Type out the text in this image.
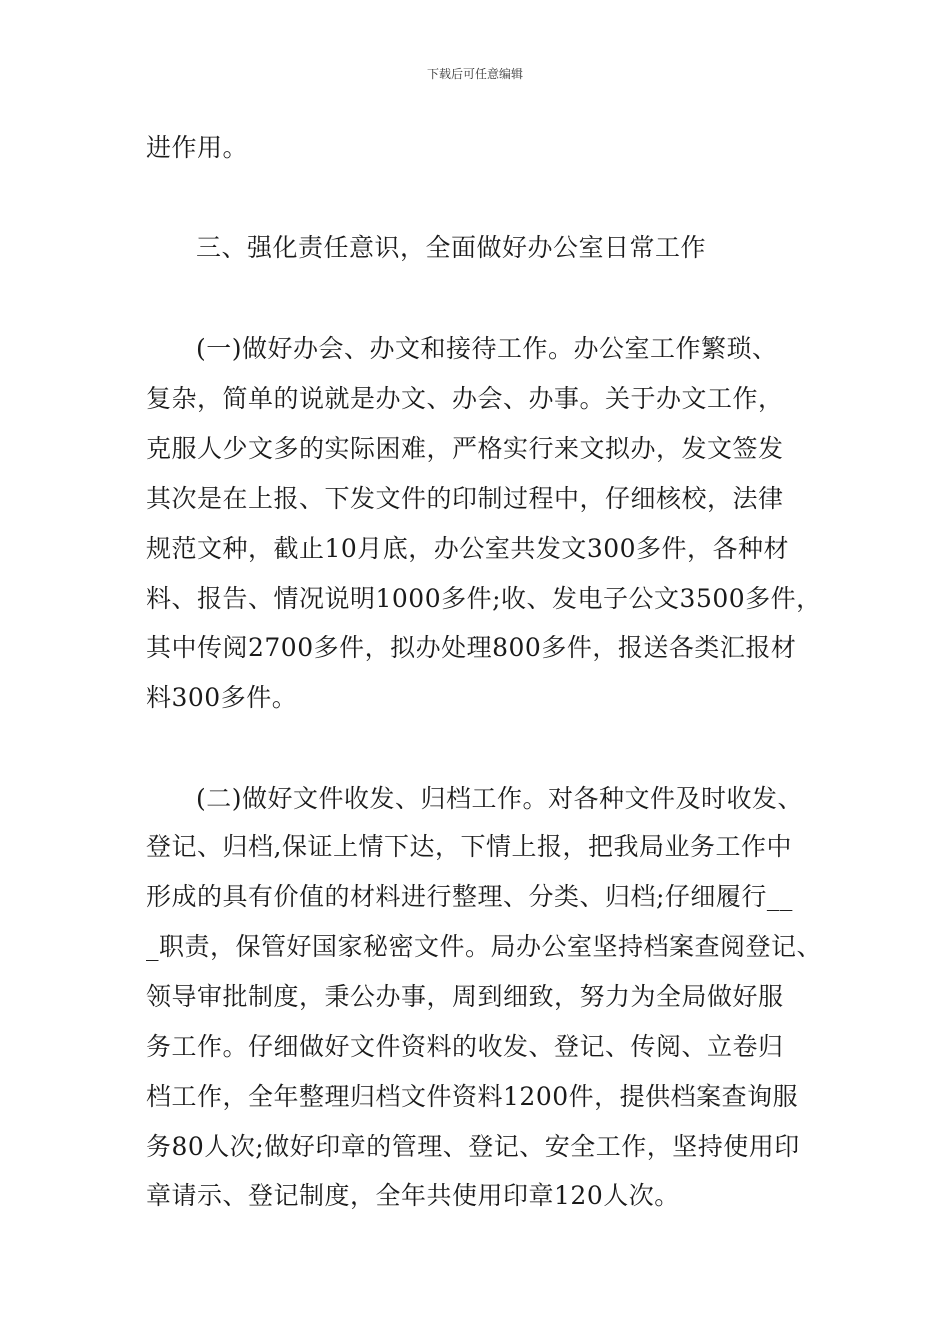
下载后可任意编辑
进作用。
三、强化责任意识，全面做好办公室日常工作
(一)做好办会、办文和接待工作。办公室工作繁琐、
复杂，简单的说就是办文、办会、办事。关于办文工作，
克服人少文多的实际困难，严格实行来文拟办，发文签发
其次是在上报、下发文件的印制过程中，仔细核校，法律
规范文种，截止10月底，办公室共发文300多件，各种材
料、报告、情况说明1000多件;收、发电子公文3500多件，
其中传阅2700多件，拟办处理800多件，报送各类汇报材
料300多件。
(二)做好文件收发、归档工作。对各种文件及时收发、
登记、归档,保证上情下达，下情上报，把我局业务工作中
形成的具有价值的材料进行整理、分类、归档;仔细履行__
_职责，保管好国家秘密文件。局办公室坚持档案查阅登记、
领导审批制度，秉公办事，周到细致，努力为全局做好服
务工作。仔细做好文件资料的收发、登记、传阅、立卷归
档工作，全年整理归档文件资料1200件，提供档案查询服
务80人次;做好印章的管理、登记、安全工作，坚持使用印
章请示、登记制度，全年共使用印章120人次。
